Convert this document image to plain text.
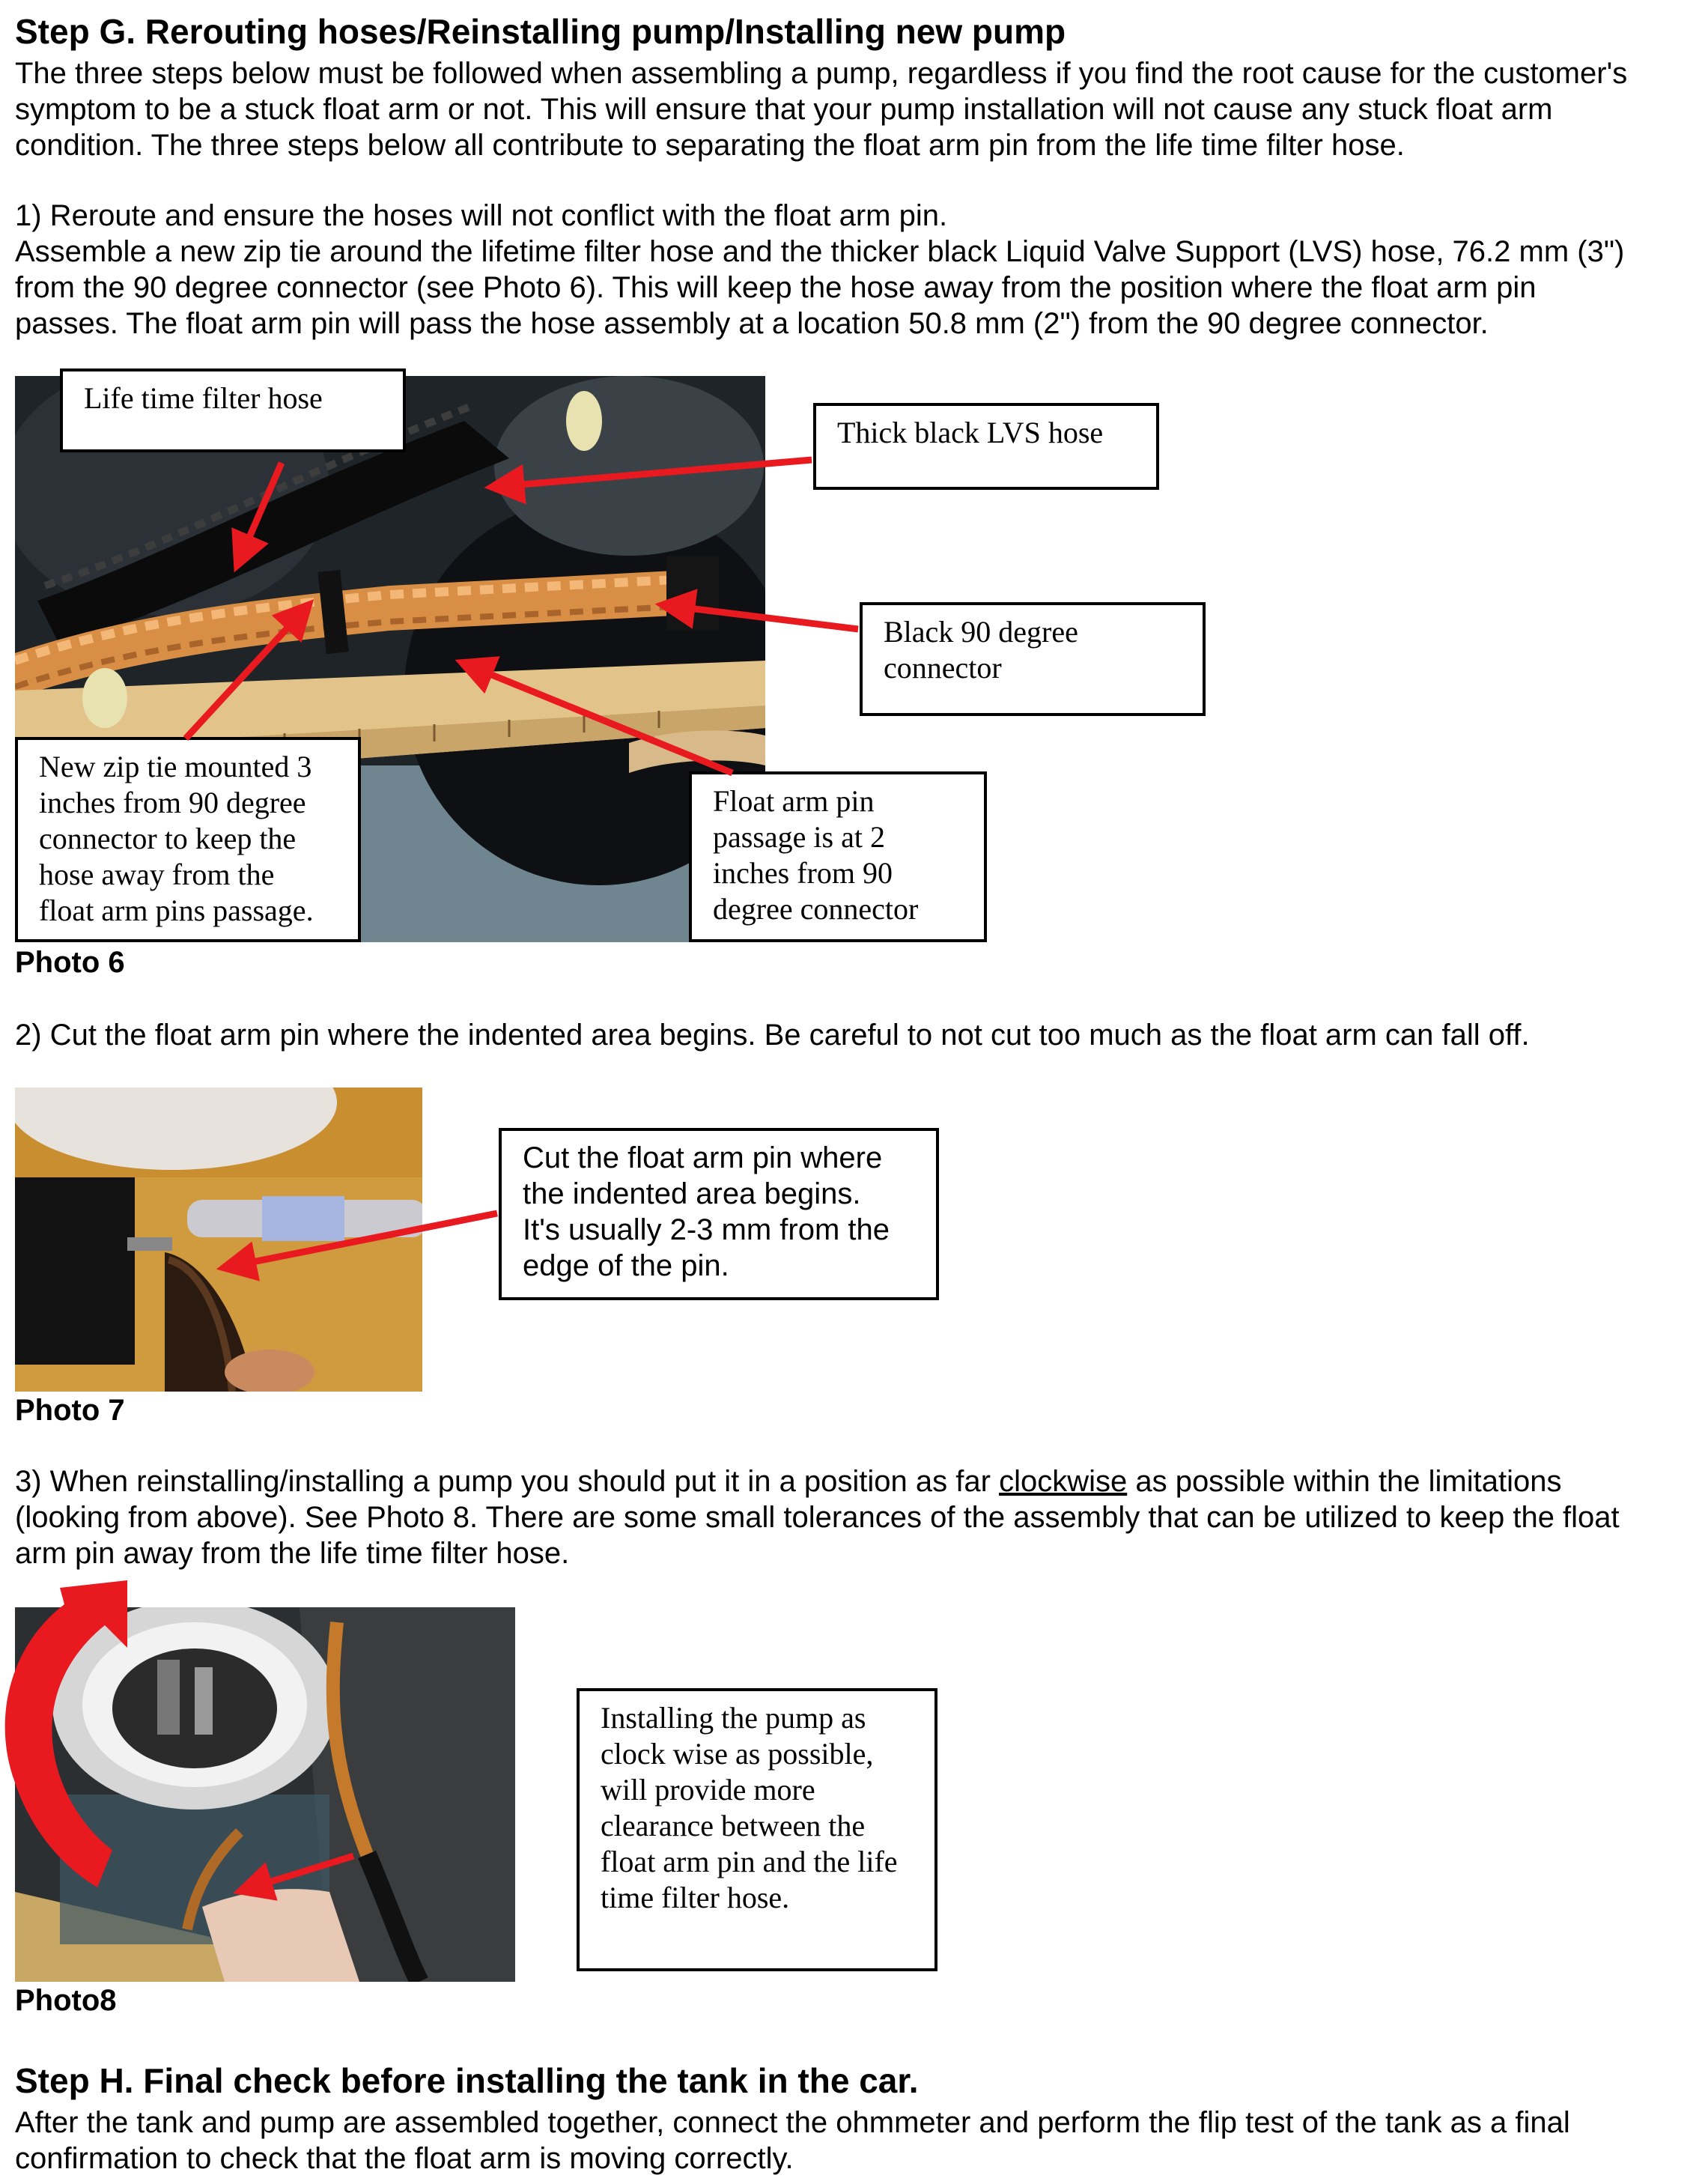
Step G. Rerouting hoses/Reinstalling pump/Installing new pump
The three steps below must be followed when assembling a pump, regardless if you find the root cause for the customer's
symptom to be a stuck float arm or not. This will ensure that your pump installation will not cause any stuck float arm
condition. The three steps below all contribute to separating the float arm pin from the life time filter hose.
1) Reroute and ensure the hoses will not conflict with the float arm pin.
Assemble a new zip tie around the lifetime filter hose and the thicker black Liquid Valve Support (LVS) hose, 76.2 mm (3")
from the 90 degree connector (see Photo 6). This will keep the hose away from the position where the float arm pin
passes. The float arm pin will pass the hose assembly at a location 50.8 mm (2") from the 90 degree connector.
Life time filter hose
Thick black LVS hose
Black 90 degree
connector
New zip tie mounted 3
inches from 90 degree
connector to keep the
hose away from the
float arm pins passage.
Float arm pin
passage is at 2
inches from 90
degree connector
Photo 6
2) Cut the float arm pin where the indented area begins. Be careful to not cut too much as the float arm can fall off.
Cut the float arm pin where
the indented area begins.
It's usually 2-3 mm from the
edge of the pin.
Photo 7
3) When reinstalling/installing a pump you should put it in a position as far clockwise as possible within the limitations
(looking from above). See Photo 8. There are some small tolerances of the assembly that can be utilized to keep the float
arm pin away from the life time filter hose.
Installing the pump as
clock wise as possible,
will provide more
clearance between the
float arm pin and the life
time filter hose.
Photo8
Step H. Final check before installing the tank in the car.
After the tank and pump are assembled together, connect the ohmmeter and perform the flip test of the tank as a final
confirmation to check that the float arm is moving correctly.
